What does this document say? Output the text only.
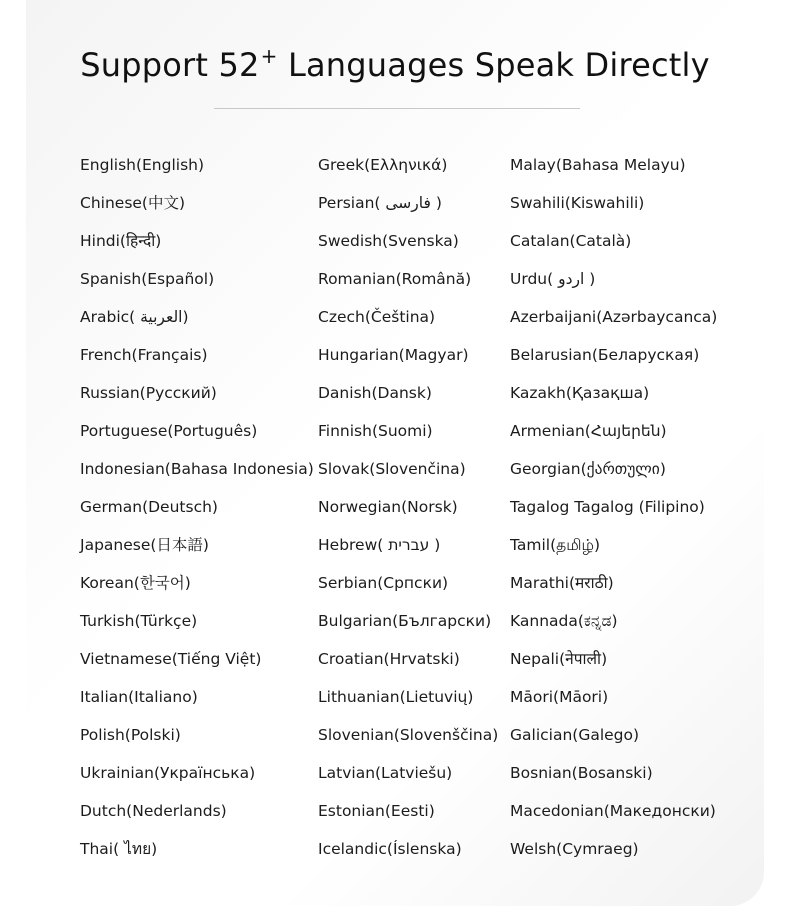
Support 52+ Languages Speak Directly
English(English)
Chinese(中文)
Hindi(हिन्दी)
Spanish(Español)
Arabic( العربية)
French(Français)
Russian(Русский)
Portuguese(Português)
Indonesian(Bahasa Indonesia)
German(Deutsch)
Japanese(日本語)
Korean(한국어)
Turkish(Türkçe)
Vietnamese(Tiếng Việt)
Italian(Italiano)
Polish(Polski)
Ukrainian(Українська)
Dutch(Nederlands)
Thai( ไทย)
Greek(Ελληνικά)
Persian( فارسی )
Swedish(Svenska)
Romanian(Română)
Czech(Čeština)
Hungarian(Magyar)
Danish(Dansk)
Finnish(Suomi)
Slovak(Slovenčina)
Norwegian(Norsk)
Hebrew( עברית )
Serbian(Српски)
Bulgarian(Български)
Croatian(Hrvatski)
Lithuanian(Lietuvių)
Slovenian(Slovenščina)
Latvian(Latviešu)
Estonian(Eesti)
Icelandic(Íslenska)
Malay(Bahasa Melayu)
Swahili(Kiswahili)
Catalan(Català)
Urdu( اردو )
Azerbaijani(Azərbaycanca)
Belarusian(Беларуская)
Kazakh(Қазақша)
Armenian(Հայերեն)
Georgian(ქართული)
Tagalog Tagalog (Filipino)
Tamil(தமிழ்)
Marathi(मराठी)
Kannada(ಕನ್ನಡ)
Nepali(नेपाली)
Māori(Māori)
Galician(Galego)
Bosnian(Bosanski)
Macedonian(Македонски)
Welsh(Cymraeg)
